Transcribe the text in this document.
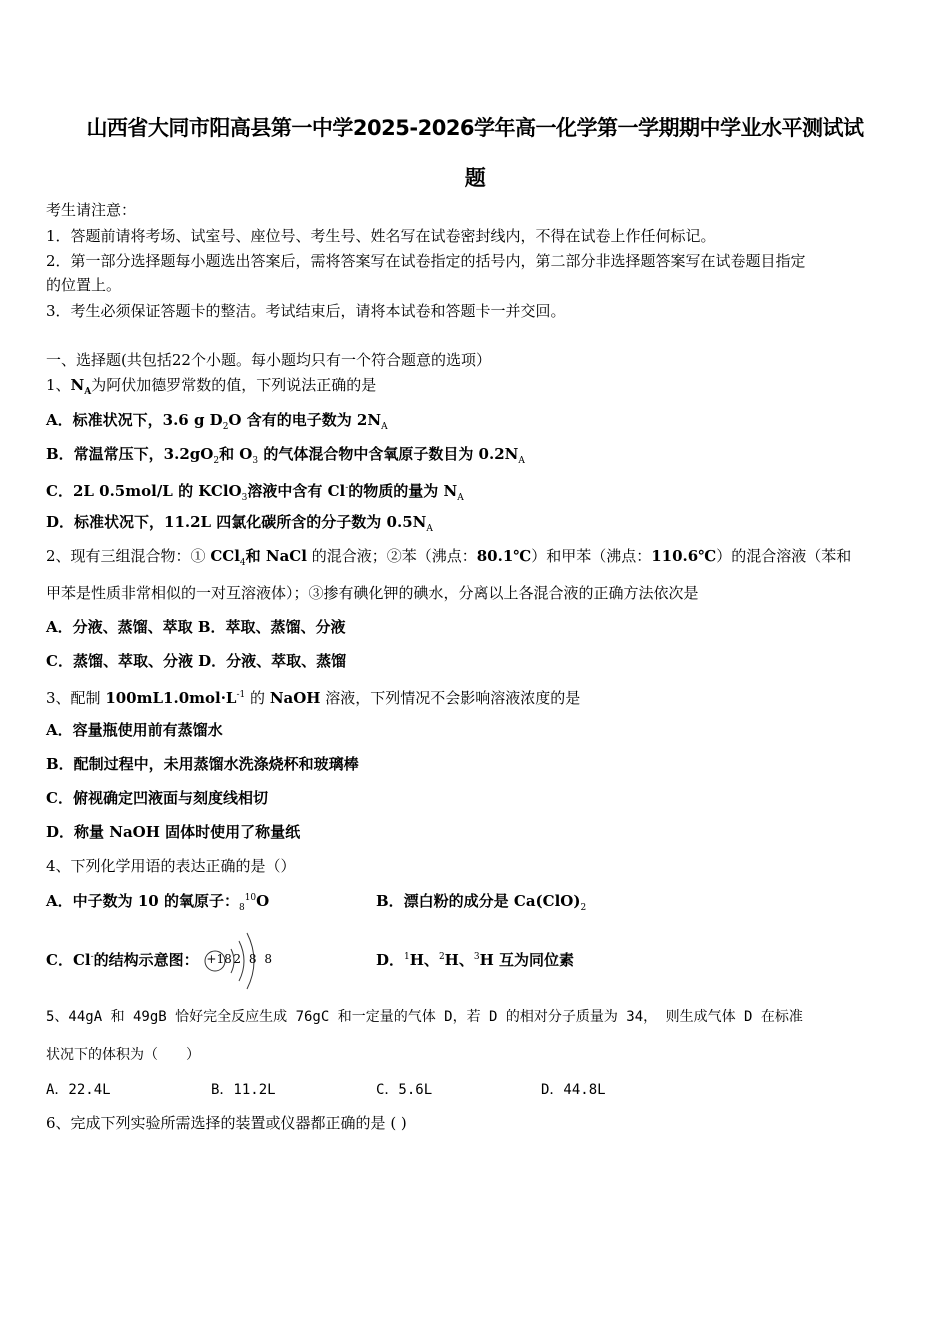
山西省大同市阳高县第一中学2025-2026学年高一化学第一学期期中学业水平测试试
题
考生请注意：
1．答题前请将考场、试室号、座位号、考生号、姓名写在试卷密封线内，不得在试卷上作任何标记。
2．第一部分选择题每小题选出答案后，需将答案写在试卷指定的括号内，第二部分非选择题答案写在试卷题目指定
的位置上。
3．考生必须保证答题卡的整洁。考试结束后，请将本试卷和答题卡一并交回。
一、选择题(共包括22个小题。每小题均只有一个符合题意的选项）
1、$N_A$为阿伏加德罗常数的值，下列说法正确的是
A．标准状况下，3.6 g $D_2O$ 含有的电子数为 $2N_A$
B．常温常压下，$3.2gO_2$和 $O_3$ 的气体混合物中含氧原子数目为 $0.2N_A$
C．2L 0.5mol/L 的 KClO$_3$溶液中含有 Cl-的物质的量为 $N_A$
D．标准状况下，11.2L 四氯化碳所含的分子数为 $0.5N_A$
2、现有三组混合物：① CCl$_4$和 NaCl 的混合液；②苯（沸点：80.1℃）和甲苯（沸点：110.6℃）的混合溶液（苯和
甲苯是性质非常相似的一对互溶液体）；③掺有碘化钾的碘水，分离以上各混合液的正确方法依次是
A．分液、蒸馏、萃取 B．萃取、蒸馏、分液
C．蒸馏、萃取、分液 D．分液、萃取、蒸馏
3、配制 $100mL1.0mol\cdot L^{-1}$ 的 NaOH 溶液，下列情况不会影响溶液浓度的是
A．容量瓶使用前有蒸馏水
B．配制过程中，未用蒸馏水洗涤烧杯和玻璃棒
C．俯视确定凹液面与刻度线相切
D．称量 NaOH 固体时使用了称量纸
4、下列化学用语的表达正确的是（）
5、44gA 和 49gB 恰好完全反应生成 76gC 和一定量的气体 D，若 D 的相对分子质量为 34， 则生成气体 D 在标准
状况下的体积为（　　）
6、完成下列实验所需选择的装置或仪器都正确的是 ( )
A．中子数为 10 的氧原子：$_8^{10}$O	B．漂白粉的成分是 $Ca(ClO)_2$
C．Cl-的结构示意图： +18 2 8 8	D．$^1$H、$^2$H、$^3$H 互为同位素
A．22.4L	B．11.2L	C．5.6L	D．44.8L
